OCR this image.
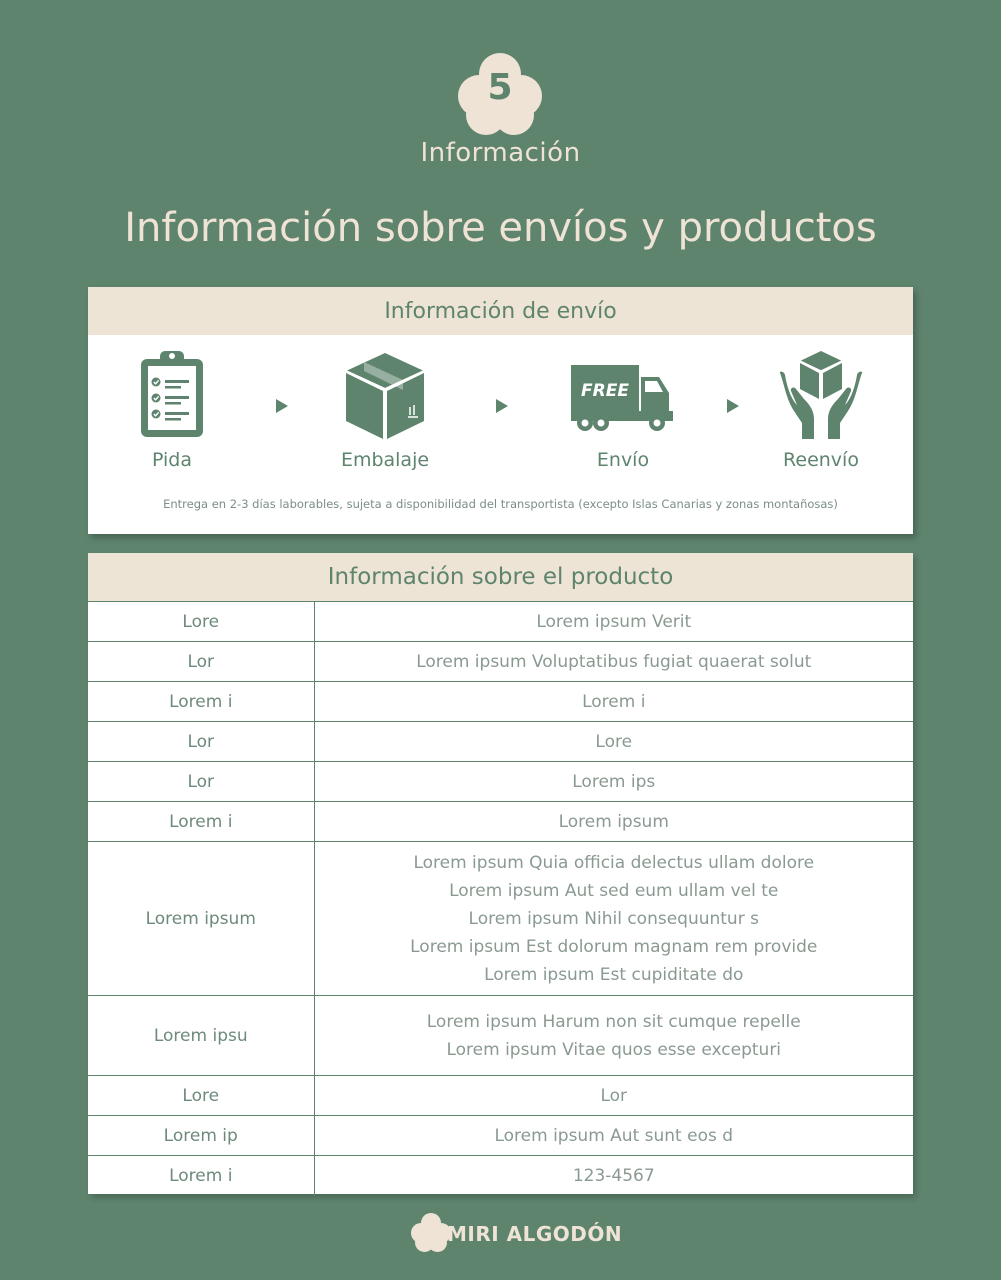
5
Información
Información sobre envíos y productos
Información de envío
Pida	Embalaje
FREE
Envío	Reenvío
Entrega en 2-3 días laborables, sujeta a disponibilidad del transportista (excepto Islas Canarias y zonas montañosas)
Información sobre el producto
Lore	Lorem ipsum Verit

Lor	Lorem ipsum Voluptatibus fugiat quaerat solut

Lorem i	Lorem i

Lor	Lore

Lor	Lorem ips

Lorem i	Lorem ipsum

Lorem ipsum	Lorem ipsum Quia officia delectus ullam dolore
Lorem ipsum Aut sed eum ullam vel te
Lorem ipsum Nihil consequuntur s
Lorem ipsum Est dolorum magnam rem provide
Lorem ipsum Est cupiditate do

Lorem ipsu	Lorem ipsum Harum non sit cumque repelle
Lorem ipsum Vitae quos esse excepturi

Lore	Lor

Lorem ip	Lorem ipsum Aut sunt eos d

Lorem i	123-4567
MIRI ALGODÓN
